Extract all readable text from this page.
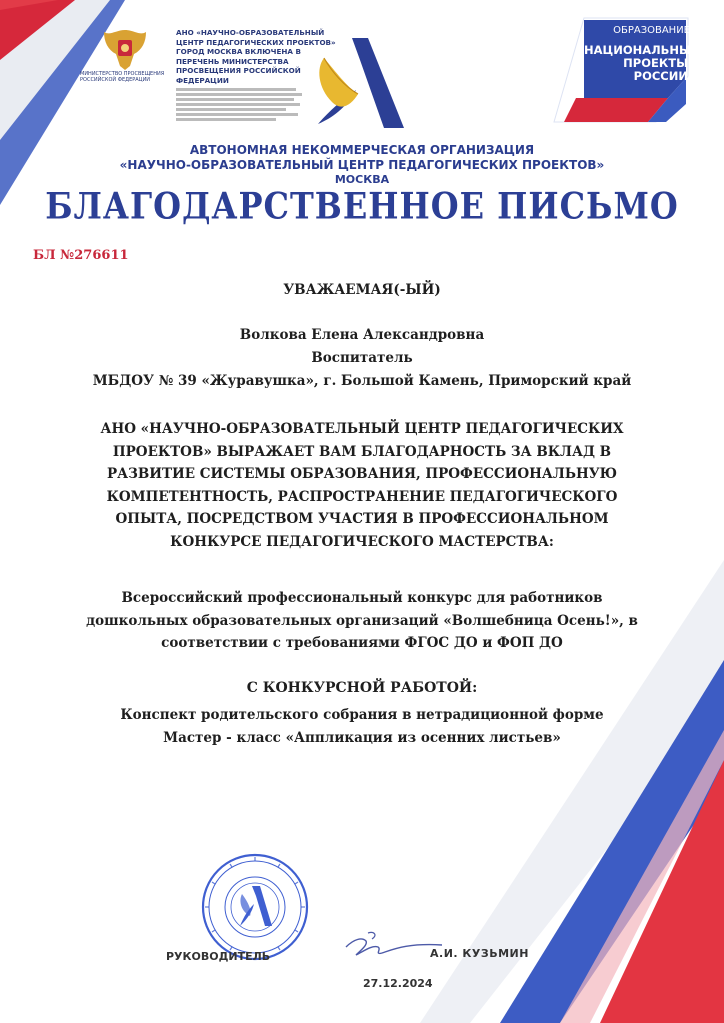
МИНИСТЕРСТВО ПРОСВЕЩЕНИЯ РОССИЙСКОЙ ФЕДЕРАЦИИ
АНО «НАУЧНО-ОБРАЗОВАТЕЛЬНЫЙ ЦЕНТР ПЕДАГОГИЧЕСКИХ ПРОЕКТОВ» ГОРОД МОСКВА ВКЛЮЧЕНА В ПЕРЕЧЕНЬ МИНИСТЕРСТВА ПРОСВЕЩЕНИЯ РОССИЙСКОЙ ФЕДЕРАЦИИ
ОБРАЗОВАНИЕ
НАЦИОНАЛЬНЫЕ ПРОЕКТЫ РОССИИ
АВТОНОМНАЯ НЕКОММЕРЧЕСКАЯ ОРГАНИЗАЦИЯ
«НАУЧНО-ОБРАЗОВАТЕЛЬНЫЙ ЦЕНТР ПЕДАГОГИЧЕСКИХ ПРОЕКТОВ»
МОСКВА
БЛАГОДАРСТВЕННОЕ ПИСЬМО
БЛ №276611
УВАЖАЕМАЯ(-ЫЙ)
Волкова Елена Александровна
Воспитатель
МБДОУ № 39 «Журавушка», г. Большой Камень, Приморский край
АНО «НАУЧНО-ОБРАЗОВАТЕЛЬНЫЙ ЦЕНТР ПЕДАГОГИЧЕСКИХ
ПРОЕКТОВ» ВЫРАЖАЕТ ВАМ БЛАГОДАРНОСТЬ ЗА ВКЛАД В
РАЗВИТИЕ СИСТЕМЫ ОБРАЗОВАНИЯ, ПРОФЕССИОНАЛЬНУЮ
КОМПЕТЕНТНОСТЬ, РАСПРОСТРАНЕНИЕ ПЕДАГОГИЧЕСКОГО
ОПЫТА, ПОСРЕДСТВОМ УЧАСТИЯ В ПРОФЕССИОНАЛЬНОМ
КОНКУРСЕ ПЕДАГОГИЧЕСКОГО МАСТЕРСТВА:
Всероссийский профессиональный конкурс для работников
дошкольных образовательных организаций «Волшебница Осень!», в
соответствии с требованиями ФГОС ДО и ФОП ДО
С КОНКУРСНОЙ РАБОТОЙ:
Конспект родительского собрания в нетрадиционной форме
Мастер - класс «Аппликация из осенних листьев»
РУКОВОДИТЕЛЬ	А.И. КУЗЬМИН
27.12.2024
